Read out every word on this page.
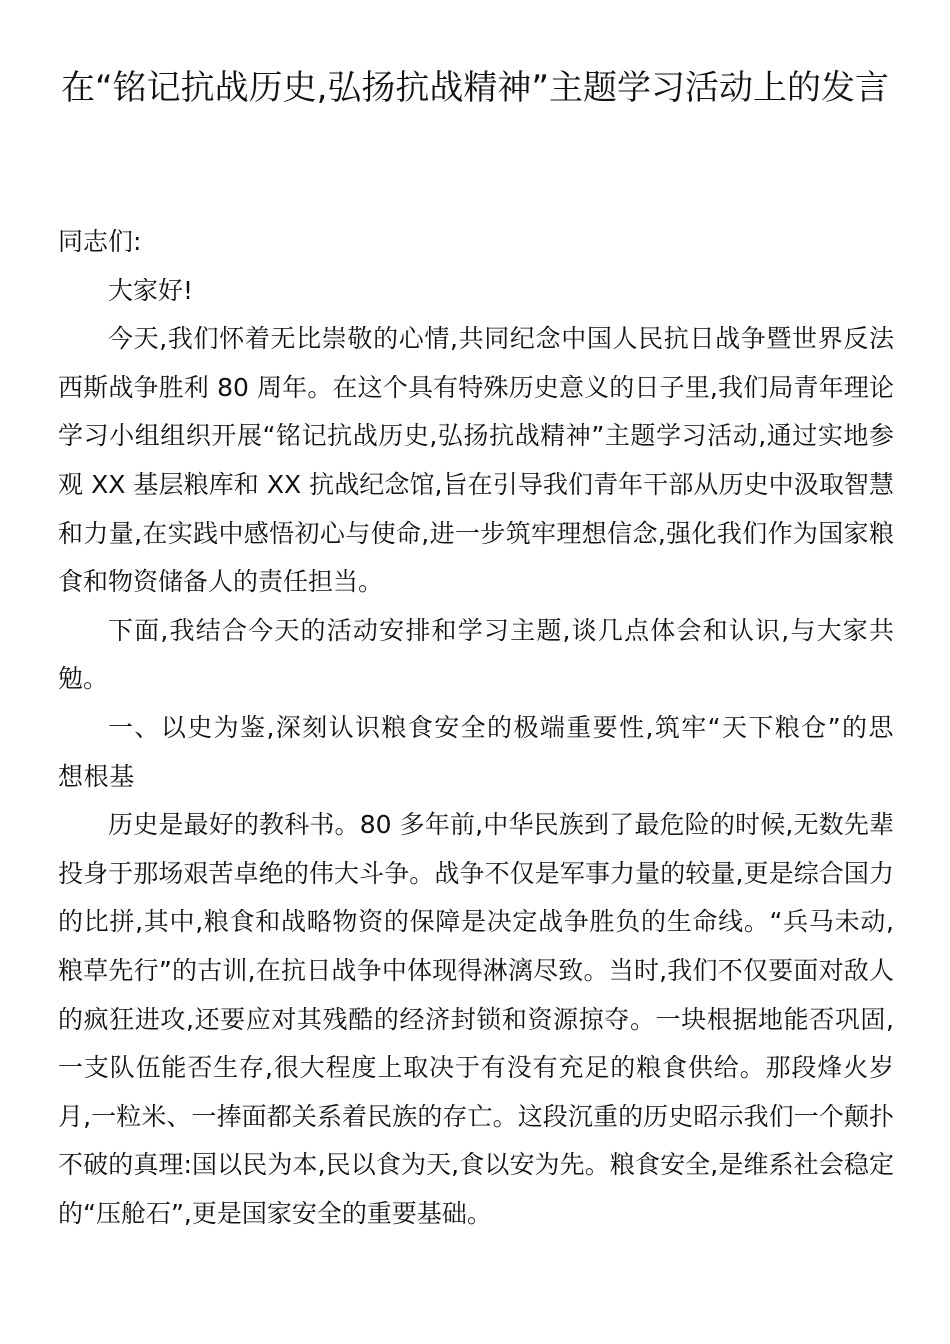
在“铭记抗战历史,弘扬抗战精神”主题学习活动上的发言

同志们:

大家好!

今天,我们怀着无比崇敬的心情,共同纪念中国人民抗日战争暨世界反法西斯战争胜利 80 周年。在这个具有特殊历史意义的日子里,我们局青年理论学习小组组织开展“铭记抗战历史,弘扬抗战精神”主题学习活动,通过实地参观 XX 基层粮库和 XX 抗战纪念馆,旨在引导我们青年干部从历史中汲取智慧和力量,在实践中感悟初心与使命,进一步筑牢理想信念,强化我们作为国家粮食和物资储备人的责任担当。

下面,我结合今天的活动安排和学习主题,谈几点体会和认识,与大家共勉。

一、以史为鉴,深刻认识粮食安全的极端重要性,筑牢“天下粮仓”的思想根基

历史是最好的教科书。80 多年前,中华民族到了最危险的时候,无数先辈投身于那场艰苦卓绝的伟大斗争。战争不仅是军事力量的较量,更是综合国力的比拼,其中,粮食和战略物资的保障是决定战争胜负的生命线。“兵马未动,粮草先行”的古训,在抗日战争中体现得淋漓尽致。当时,我们不仅要面对敌人的疯狂进攻,还要应对其残酷的经济封锁和资源掠夺。一块根据地能否巩固,一支队伍能否生存,很大程度上取决于有没有充足的粮食供给。那段烽火岁月,一粒米、一捧面都关系着民族的存亡。这段沉重的历史昭示我们一个颠扑不破的真理:国以民为本,民以食为天,食以安为先。粮食安全,是维系社会稳定的“压舱石”,更是国家安全的重要基础。
